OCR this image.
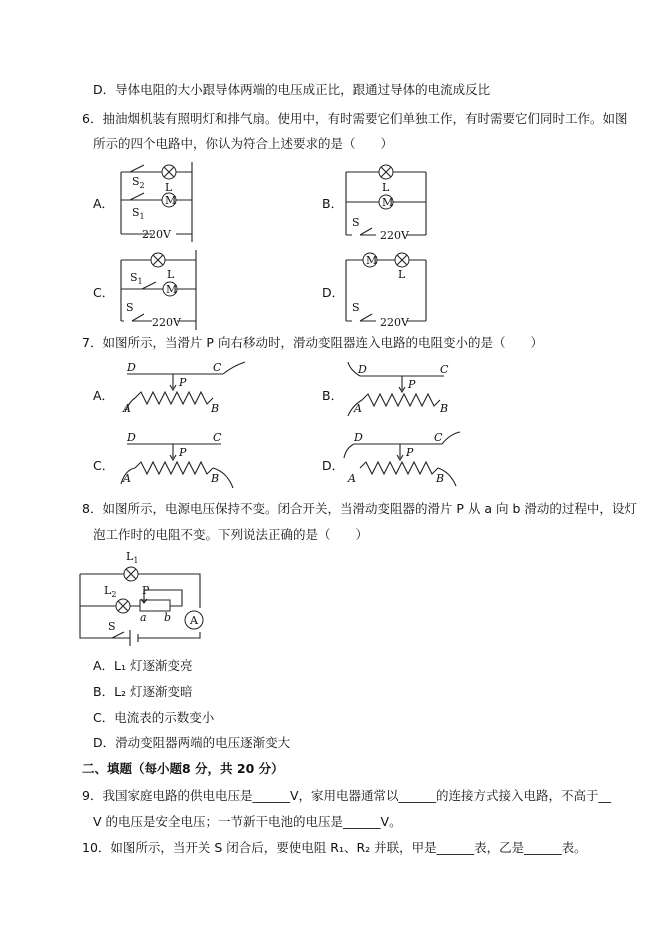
D．导体电阻的大小跟导体两端的电压成正比，跟通过导体的电流成反比
6．抽油烟机装有照明灯和排气扇。使用中，有时需要它们单独工作，有时需要它们同时工作。如图
所示的四个电路中，你认为符合上述要求的是（　　）
A．	B．
C．	D．
M
L
$S_2$
$S_1$
220V
M
L
S
220V
M
L
$S_1$
S
220V
M
L
S
220V
7．如图所示，当滑片 P 向右移动时，滑动变阻器连入电路的电阻变小的是（　　）
A．	B．
C．	D．
D	C
P
A	B
D	C
P
A	B
D	C
P
A	B
D	C
P
A	B
8．如图所示，电源电压保持不变。闭合开关，当滑动变阻器的滑片 P 从 a 向 b 滑动的过程中，设灯
泡工作时的电阻不变。下列说法正确的是（　　）
A
$L_1$
$L_2$ P
a b
S
A．L₁ 灯逐渐变亮
B．L₂ 灯逐渐变暗
C．电流表的示数变小
D．滑动变阻器两端的电压逐渐变大
二、填题（每小题8 分，共 20 分）
9．我国家庭电路的供电电压是______V，家用电器通常以______的连接方式接入电路，不高于__
V 的电压是安全电压；一节新干电池的电压是______V。
10．如图所示，当开关 S 闭合后，要使电阻 R₁、R₂ 并联，甲是______表，乙是______表。
